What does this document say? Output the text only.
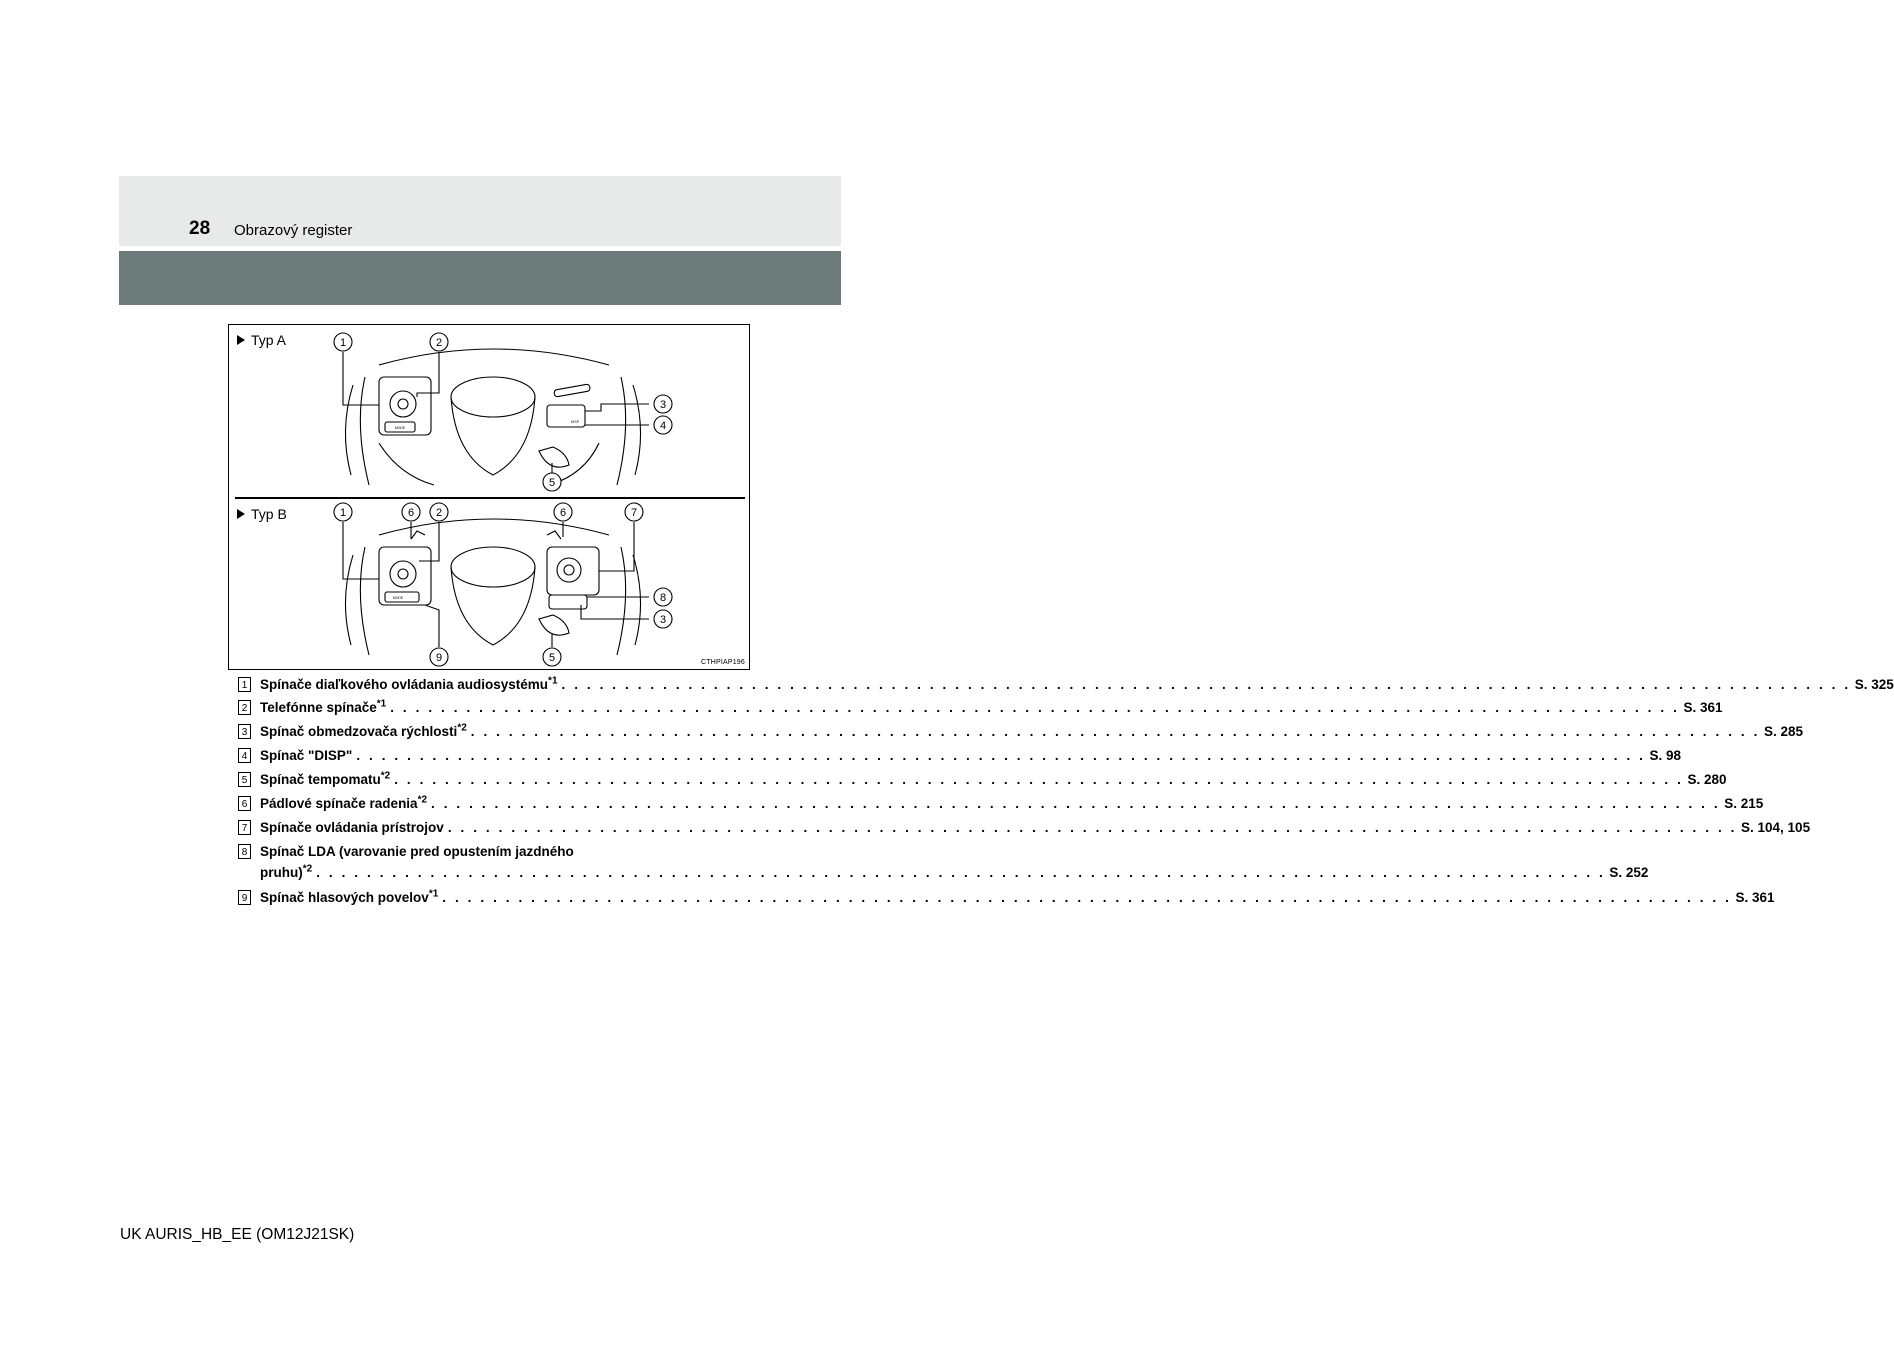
28 Obrazový register
1	2
3
4
5
1	6 2	6	7
8
3
9	5
MODE
DISP
MODE
Typ A
Typ B
CTHPIAP196
1 Spínače diaľkového ovládania audiosystému$^{*1}$ . . .	S. 325
2 Telefónne spínače$^{*1}$ . . .	S. 361
3 Spínač obmedzovača rýchlosti$^{*2}$ . . .	S. 285
4 Spínač "DISP" . . .	S. 98
5 Spínač tempomatu$^{*2}$ . . .	S. 280
6 Pádlové spínače radenia$^{*2}$ . . .	S. 215
7 Spínače ovládania prístrojov . . .	S. 104, 105
8 Spínač LDA (varovanie pred opustením jazdného
pruhu)$^{*2}$ . . .	S. 252
9 Spínač hlasových povelov$^{*1}$ . . .	S. 361
UK AURIS_HB_EE (OM12J21SK)
